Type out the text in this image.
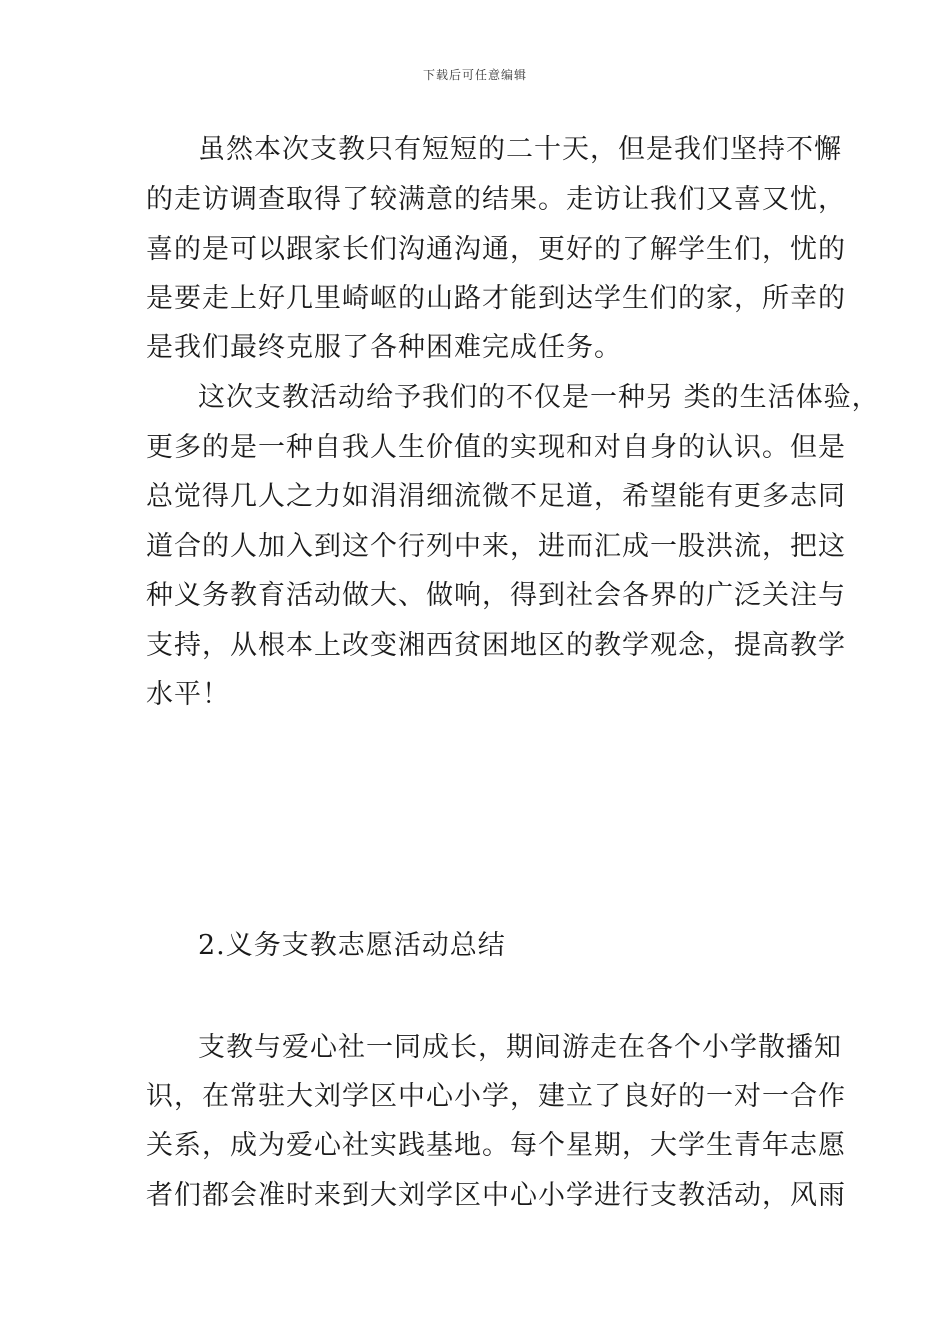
下载后可任意编辑
虽然本次支教只有短短的二十天，但是我们坚持不懈
的走访调查取得了较满意的结果。走访让我们又喜又忧，
喜的是可以跟家长们沟通沟通，更好的了解学生们，忧的
是要走上好几里崎岖的山路才能到达学生们的家，所幸的
是我们最终克服了各种困难完成任务。
这次支教活动给予我们的不仅是一种另 类的生活体验，
更多的是一种自我人生价值的实现和对自身的认识。但是
总觉得几人之力如涓涓细流微不足道，希望能有更多志同
道合的人加入到这个行列中来，进而汇成一股洪流，把这
种义务教育活动做大、做响，得到社会各界的广泛关注与
支持，从根本上改变湘西贫困地区的教学观念，提高教学
水平！
2.义务支教志愿活动总结
支教与爱心社一同成长，期间游走在各个小学散播知
识，在常驻大刘学区中心小学，建立了良好的一对一合作
关系，成为爱心社实践基地。每个星期，大学生青年志愿
者们都会准时来到大刘学区中心小学进行支教活动，风雨
